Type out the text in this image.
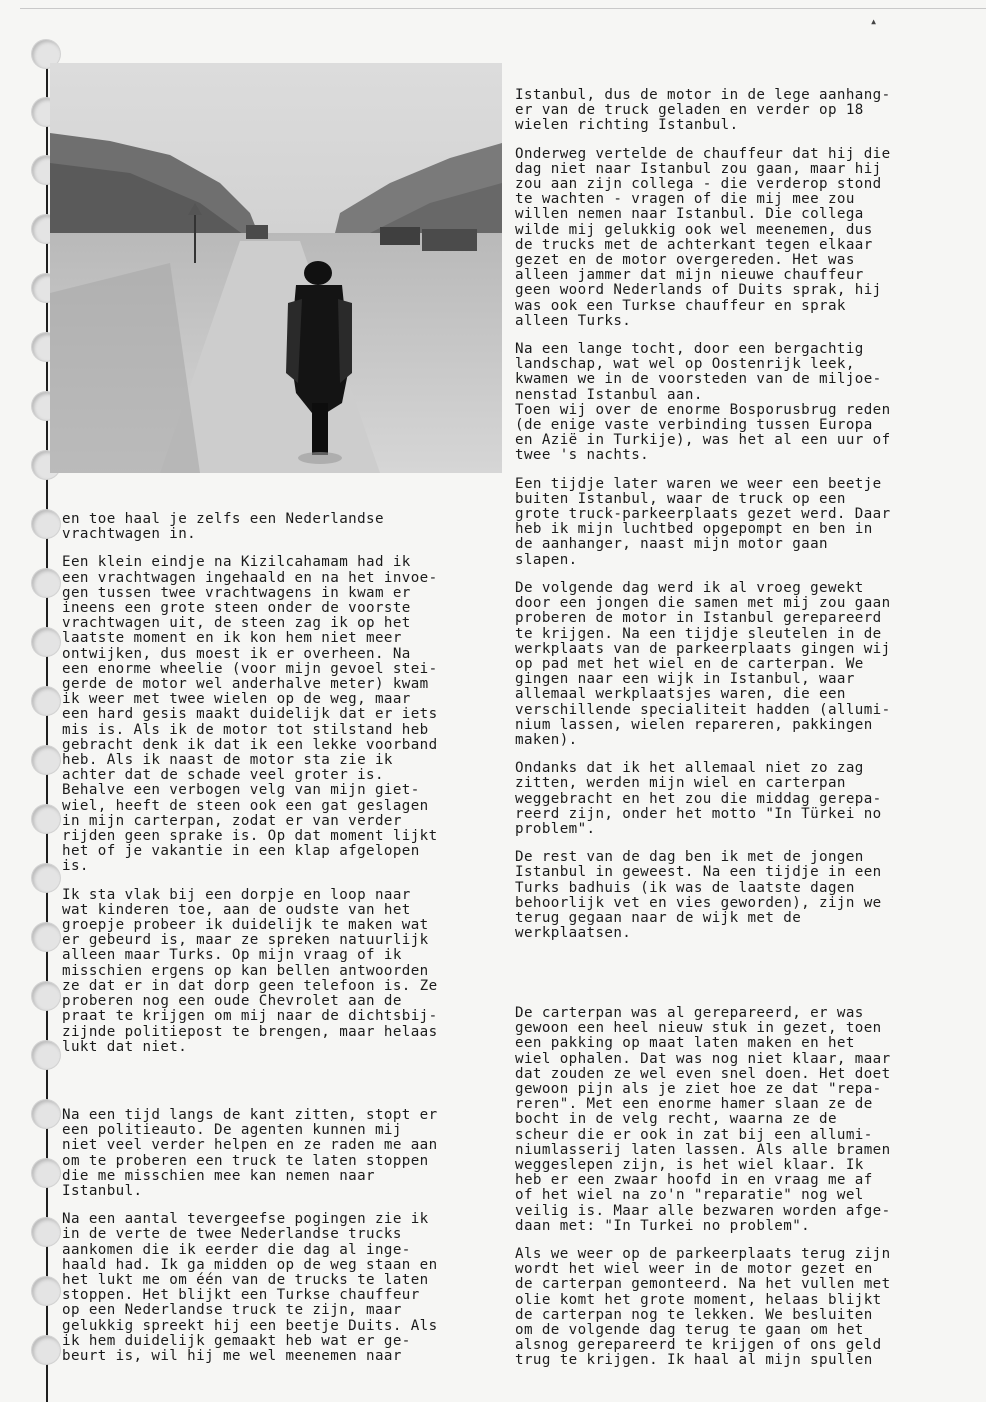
▴

en toe haal je zelfs een Nederlandse
vrachtwagen in.

Een klein eindje na Kizilcahamam had ik
een vrachtwagen ingehaald en na het invoe-
gen tussen twee vrachtwagens in kwam er
ineens een grote steen onder de voorste
vrachtwagen uit, de steen zag ik op het
laatste moment en ik kon hem niet meer
ontwijken, dus moest ik er overheen. Na
een enorme wheelie (voor mijn gevoel stei-
gerde de motor wel anderhalve meter) kwam
ik weer met twee wielen op de weg, maar
een hard gesis maakt duidelijk dat er iets
mis is. Als ik de motor tot stilstand heb
gebracht denk ik dat ik een lekke voorband
heb. Als ik naast de motor sta zie ik
achter dat de schade veel groter is.
Behalve een verbogen velg van mijn giet-
wiel, heeft de steen ook een gat geslagen
in mijn carterpan, zodat er van verder
rijden geen sprake is. Op dat moment lijkt
het of je vakantie in een klap afgelopen
is.

Ik sta vlak bij een dorpje en loop naar
wat kinderen toe, aan de oudste van het
groepje probeer ik duidelijk te maken wat
er gebeurd is, maar ze spreken natuurlijk
alleen maar Turks. Op mijn vraag of ik
misschien ergens op kan bellen antwoorden
ze dat er in dat dorp geen telefoon is. Ze
proberen nog een oude Chevrolet aan de
praat te krijgen om mij naar de dichtsbij-
zijnde politiepost te brengen, maar helaas
lukt dat niet.

Na een tijd langs de kant zitten, stopt er
een politieauto. De agenten kunnen mij
niet veel verder helpen en ze raden me aan
om te proberen een truck te laten stoppen
die me misschien mee kan nemen naar
Istanbul.

Na een aantal tevergeefse pogingen zie ik
in de verte de twee Nederlandse trucks
aankomen die ik eerder die dag al inge-
haald had. Ik ga midden op de weg staan en
het lukt me om één van de trucks te laten
stoppen. Het blijkt een Turkse chauffeur
op een Nederlandse truck te zijn, maar
gelukkig spreekt hij een beetje Duits. Als
ik hem duidelijk gemaakt heb wat er ge-
beurt is, wil hij me wel meenemen naar

Istanbul, dus de motor in de lege aanhang-
er van de truck geladen en verder op 18
wielen richting Istanbul.

Onderweg vertelde de chauffeur dat hij die
dag niet naar Istanbul zou gaan, maar hij
zou aan zijn collega - die verderop stond
te wachten - vragen of die mij mee zou
willen nemen naar Istanbul. Die collega
wilde mij gelukkig ook wel meenemen, dus
de trucks met de achterkant tegen elkaar
gezet en de motor overgereden. Het was
alleen jammer dat mijn nieuwe chauffeur
geen woord Nederlands of Duits sprak, hij
was ook een Turkse chauffeur en sprak
alleen Turks.

Na een lange tocht, door een bergachtig
landschap, wat wel op Oostenrijk leek,
kwamen we in de voorsteden van de miljoe-
nenstad Istanbul aan.
Toen wij over de enorme Bosporusbrug reden
(de enige vaste verbinding tussen Europa
en Azië in Turkije), was het al een uur of
twee 's nachts.

Een tijdje later waren we weer een beetje
buiten Istanbul, waar de truck op een
grote truck-parkeerplaats gezet werd. Daar
heb ik mijn luchtbed opgepompt en ben in
de aanhanger, naast mijn motor gaan
slapen.

De volgende dag werd ik al vroeg gewekt
door een jongen die samen met mij zou gaan
proberen de motor in Istanbul gerepareerd
te krijgen. Na een tijdje sleutelen in de
werkplaats van de parkeerplaats gingen wij
op pad met het wiel en de carterpan. We
gingen naar een wijk in Istanbul, waar
allemaal werkplaatsjes waren, die een
verschillende specialiteit hadden (allumi-
nium lassen, wielen repareren, pakkingen
maken).

Ondanks dat ik het allemaal niet zo zag
zitten, werden mijn wiel en carterpan
weggebracht en het zou die middag gerepa-
reerd zijn, onder het motto "In Türkei no
problem".

De rest van de dag ben ik met de jongen
Istanbul in geweest. Na een tijdje in een
Turks badhuis (ik was de laatste dagen
behoorlijk vet en vies geworden), zijn we
terug gegaan naar de wijk met de
werkplaatsen.

De carterpan was al gerepareerd, er was
gewoon een heel nieuw stuk in gezet, toen
een pakking op maat laten maken en het
wiel ophalen. Dat was nog niet klaar, maar
dat zouden ze wel even snel doen. Het doet
gewoon pijn als je ziet hoe ze dat "repa-
reren". Met een enorme hamer slaan ze de
bocht in de velg recht, waarna ze de
scheur die er ook in zat bij een allumi-
niumlasserij laten lassen. Als alle bramen
weggeslepen zijn, is het wiel klaar. Ik
heb er een zwaar hoofd in en vraag me af
of het wiel na zo'n "reparatie" nog wel
veilig is. Maar alle bezwaren worden afge-
daan met: "In Turkei no problem".

Als we weer op de parkeerplaats terug zijn
wordt het wiel weer in de motor gezet en
de carterpan gemonteerd. Na het vullen met
olie komt het grote moment, helaas blijkt
de carterpan nog te lekken. We besluiten
om de volgende dag terug te gaan om het
alsnog gerepareerd te krijgen of ons geld
trug te krijgen. Ik haal al mijn spullen
